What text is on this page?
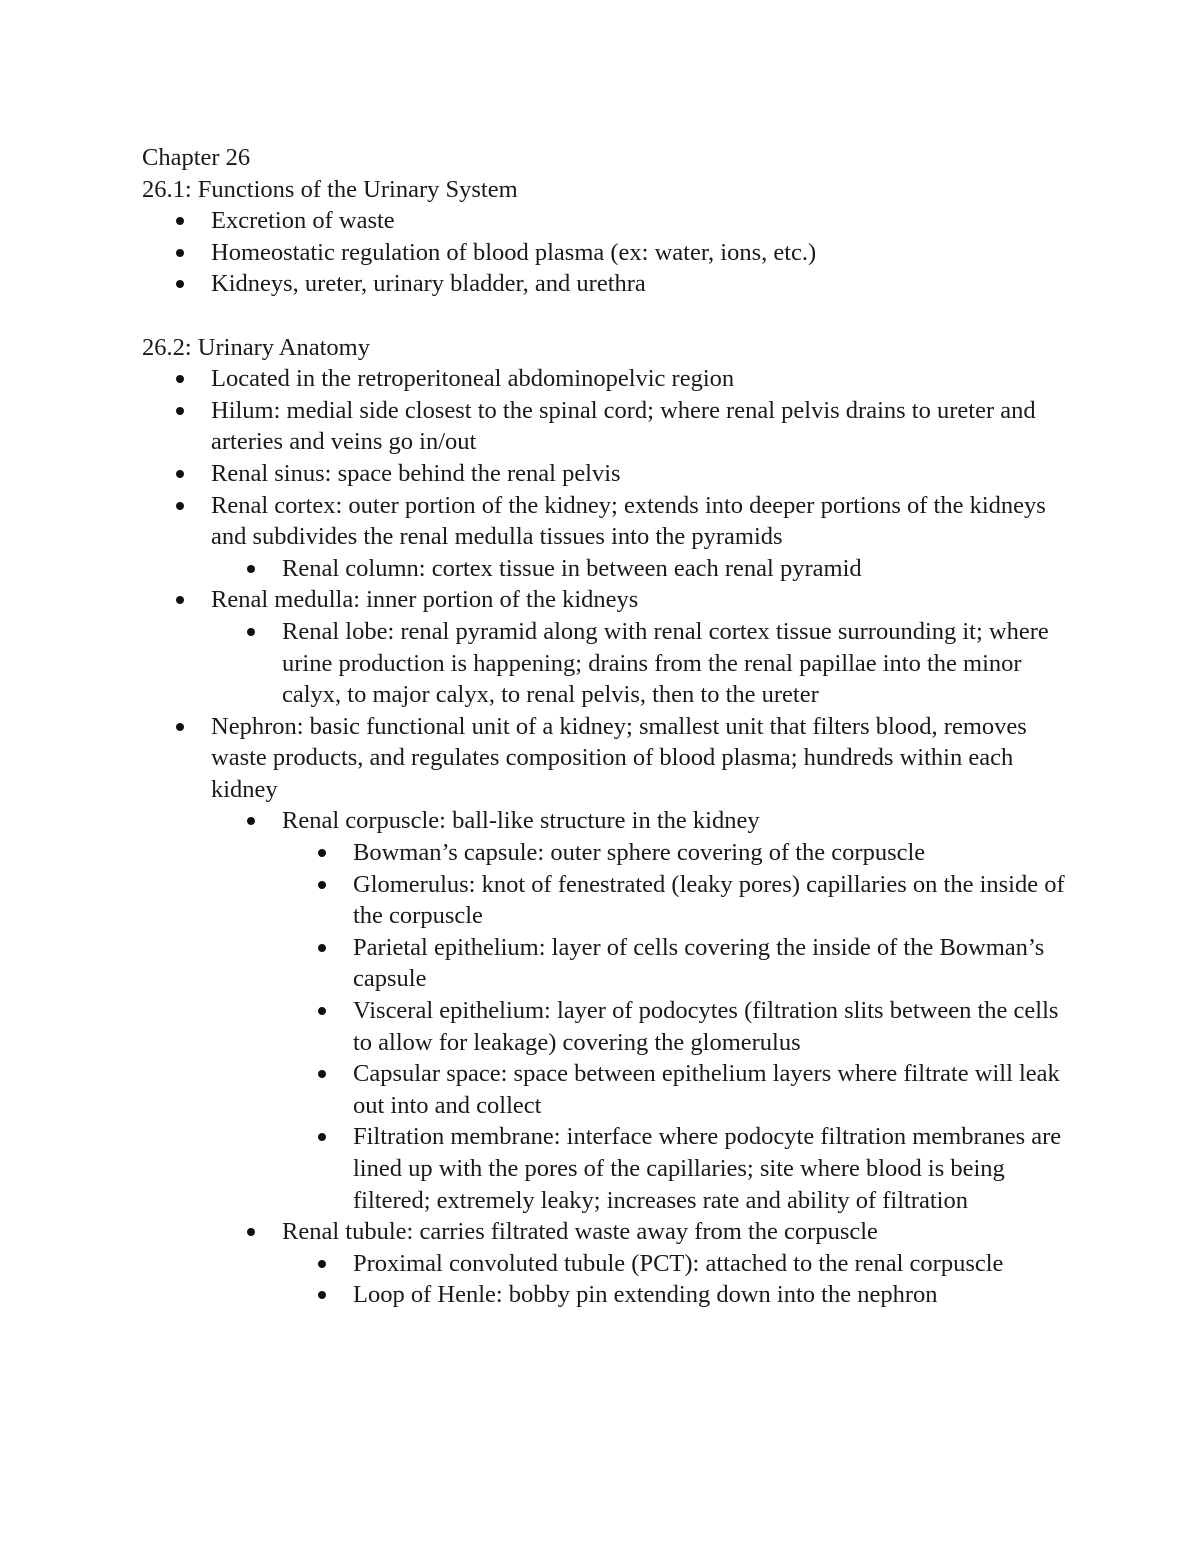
Chapter 26

26.1: Functions of the Urinary System

Excretion of waste
Homeostatic regulation of blood plasma (ex: water, ions, etc.)
Kidneys, ureter, urinary bladder, and urethra

26.2: Urinary Anatomy

Located in the retroperitoneal abdominopelvic region
Hilum: medial side closest to the spinal cord; where renal pelvis drains to ureter and arteries and veins go in/out
Renal sinus: space behind the renal pelvis
Renal cortex: outer portion of the kidney; extends into deeper portions of the kidneys and subdivides the renal medulla tissues into the pyramids
Renal column: cortex tissue in between each renal pyramid
Renal medulla: inner portion of the kidneys
Renal lobe: renal pyramid along with renal cortex tissue surrounding it; where urine production is happening; drains from the renal papillae into the minor calyx, to major calyx, to renal pelvis, then to the ureter
Nephron: basic functional unit of a kidney; smallest unit that filters blood, removes waste products, and regulates composition of blood plasma; hundreds within each kidney
Renal corpuscle: ball-like structure in the kidney
Bowman’s capsule: outer sphere covering of the corpuscle
Glomerulus: knot of fenestrated (leaky pores) capillaries on the inside of the corpuscle
Parietal epithelium: layer of cells covering the inside of the Bowman’s capsule
Visceral epithelium: layer of podocytes (filtration slits between the cells to allow for leakage) covering the glomerulus
Capsular space: space between epithelium layers where filtrate will leak out into and collect
Filtration membrane: interface where podocyte filtration membranes are lined up with the pores of the capillaries; site where blood is being filtered; extremely leaky; increases rate and ability of filtration
Renal tubule: carries filtrated waste away from the corpuscle
Proximal convoluted tubule (PCT): attached to the renal corpuscle
Loop of Henle: bobby pin extending down into the nephron
